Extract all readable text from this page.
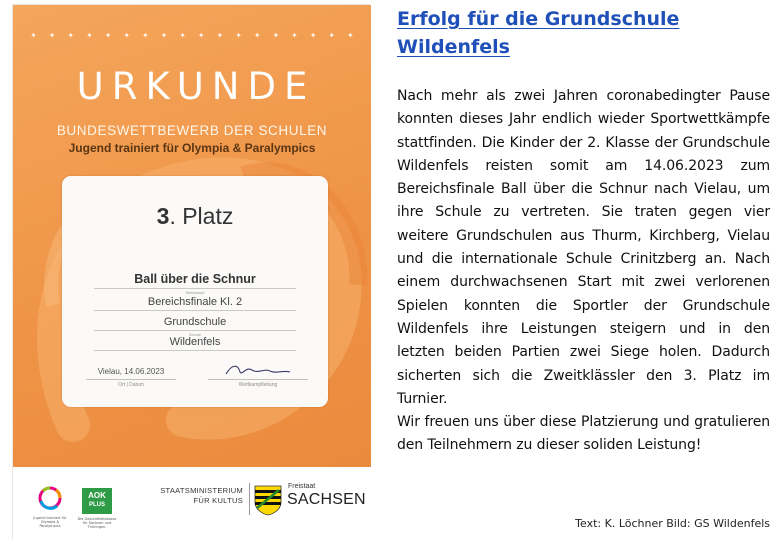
✦ ✦ ✦ ✦ ✦ ✦ ✦ ✦ ✦ ✦ ✦ ✦ ✦ ✦ ✦ ✦ ✦ ✦
URKUNDE
BUNDESWETTBEWERB DER SCHULEN
Jugend trainiert für Olympia & Paralympics
3. Platz
Ball über die Schnur
Wettkampf
Bereichsfinale Kl. 2
Grundschule
Schule
Wildenfels
Vielau, 14.06.2023
Ort | Datum	Wettkampfleitung
Jugend trainiert für Olympia & Paralympics
AOK
PLUS
Die Gesundheitskasse für Sachsen und Thüringen.
STAATSMINISTERIUM
FÜR KULTUS
Freistaat
SACHSEN
Erfolg für die Grundschule Wildenfels

Nach mehr als zwei Jahren coronabedingter Pause konnten dieses Jahr endlich wieder Sportwettkämpfe stattfinden. Die Kinder der 2. Klasse der Grundschule Wildenfels reisten somit am 14.06.2023 zum Bereichsfinale Ball über die Schnur nach Vielau, um ihre Schule zu vertreten. Sie traten gegen vier weitere Grundschulen aus Thurm, Kirchberg, Vielau und die internationale Schule Crinitzberg an. Nach einem durchwachsenen Start mit zwei verlorenen Spielen konnten die Sportler der Grundschule Wildenfels ihre Leistungen steigern und in den letzten beiden Partien zwei Siege holen. Dadurch sicherten sich die Zweitklässler den 3. Platz im Turnier.

Wir freuen uns über diese Platzierung und gratulieren den Teilnehmern zu dieser soliden Leistung!

Text: K. Löchner Bild: GS Wildenfels
